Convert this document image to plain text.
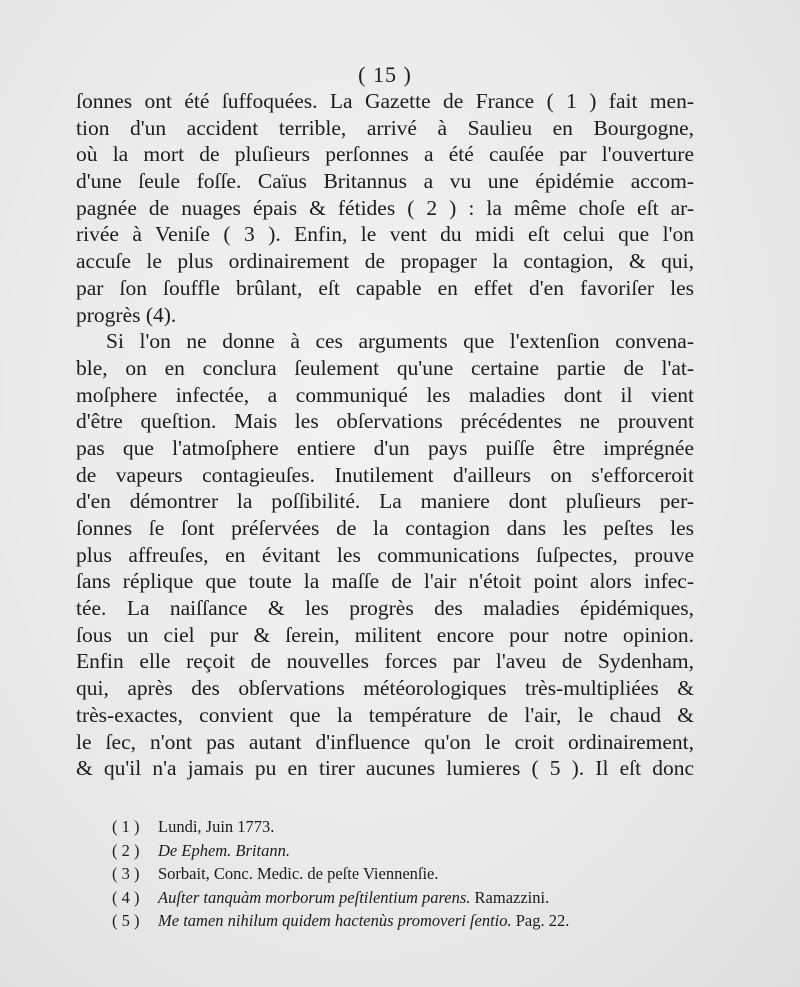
( 15 )
ſonnes ont été ſuffoquées. La Gazette de France ( 1 ) fait men-
tion d'un accident terrible, arrivé à Saulieu en Bourgogne,
où la mort de pluſieurs perſonnes a été cauſée par l'ouverture
d'une ſeule foſſe. Caïus Britannus a vu une épidémie accom-
pagnée de nuages épais & fétides ( 2 ) : la même choſe eſt ar-
rivée à Veniſe ( 3 ). Enfin, le vent du midi eſt celui que l'on
accuſe le plus ordinairement de propager la contagion, & qui,
par ſon ſouffle brûlant, eſt capable en effet d'en favoriſer les
progrès (4).
Si l'on ne donne à ces arguments que l'extenſion convena-
ble, on en conclura ſeulement qu'une certaine partie de l'at-
moſphere infectée, a communiqué les maladies dont il vient
d'être queſtion. Mais les obſervations précédentes ne prouvent
pas que l'atmoſphere entiere d'un pays puiſſe être imprégnée
de vapeurs contagieuſes. Inutilement d'ailleurs on s'efforceroit
d'en démontrer la poſſibilité. La maniere dont pluſieurs per-
ſonnes ſe ſont préſervées de la contagion dans les peſtes les
plus affreuſes, en évitant les communications ſuſpectes, prouve
ſans réplique que toute la maſſe de l'air n'étoit point alors infec-
tée. La naiſſance & les progrès des maladies épidémiques,
ſous un ciel pur & ſerein, militent encore pour notre opinion.
Enfin elle reçoit de nouvelles forces par l'aveu de Sydenham,
qui, après des obſervations météorologiques très-multipliées &
très-exactes, convient que la température de l'air, le chaud &
le ſec, n'ont pas autant d'influence qu'on le croit ordinairement,
& qu'il n'a jamais pu en tirer aucunes lumieres ( 5 ). Il eſt donc
( 1 ) Lundi, Juin 1773.
( 2 ) De Ephem. Britann.
( 3 ) Sorbait, Conc. Medic. de peſte Viennenſie.
( 4 ) Auſter tanquàm morborum peſtilentium parens. Ramazzini.
( 5 ) Me tamen nihilum quidem hactenùs promoveri ſentio. Pag. 22.
